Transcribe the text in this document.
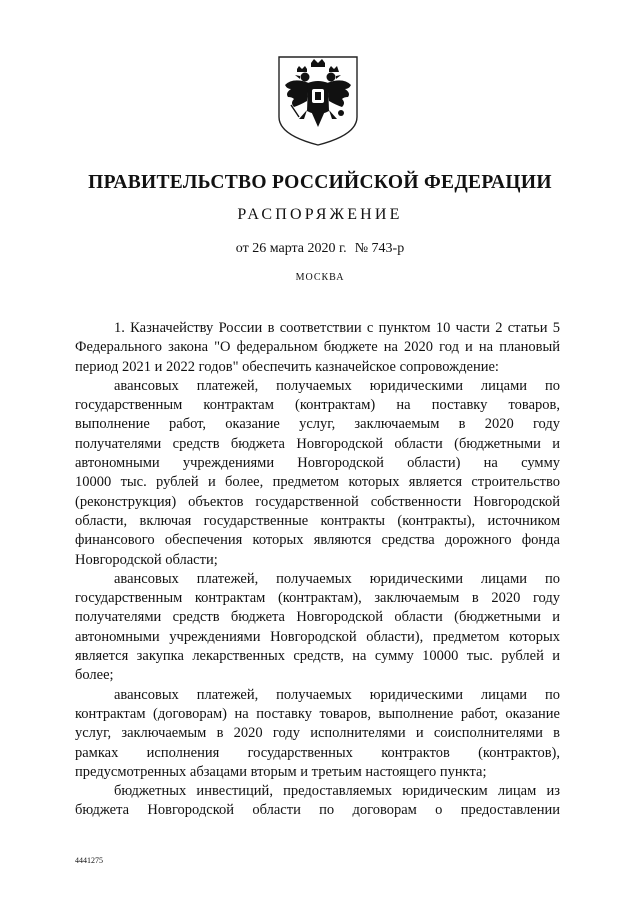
ПРАВИТЕЛЬСТВО РОССИЙСКОЙ ФЕДЕРАЦИИ
РАСПОРЯЖЕНИЕ
от 26 марта 2020 г. № 743-р
МОСКВА
1. Казначейству России в соответствии с пунктом 10 части 2 статьи 5
Федерального закона "О федеральном бюджете на 2020 год и на плановый
период 2021 и 2022 годов" обеспечить казначейское сопровождение:
авансовых платежей, получаемых юридическими лицами по
государственным контрактам (контрактам) на поставку товаров,
выполнение работ, оказание услуг, заключаемым в 2020 году
получателями средств бюджета Новгородской области (бюджетными и
автономными учреждениями Новгородской области) на сумму
10000 тыс. рублей и более, предметом которых является строительство
(реконструкция) объектов государственной собственности Новгородской
области, включая государственные контракты (контракты), источником
финансового обеспечения которых являются средства дорожного фонда
Новгородской области;
авансовых платежей, получаемых юридическими лицами по
государственным контрактам (контрактам), заключаемым в 2020 году
получателями средств бюджета Новгородской области (бюджетными и
автономными учреждениями Новгородской области), предметом которых
является закупка лекарственных средств, на сумму 10000 тыс. рублей и
более;
авансовых платежей, получаемых юридическими лицами по
контрактам (договорам) на поставку товаров, выполнение работ, оказание
услуг, заключаемым в 2020 году исполнителями и соисполнителями в
рамках исполнения государственных контрактов (контрактов),
предусмотренных абзацами вторым и третьим настоящего пункта;
бюджетных инвестиций, предоставляемых юридическим лицам из
бюджета Новгородской области по договорам о предоставлении
4441275
